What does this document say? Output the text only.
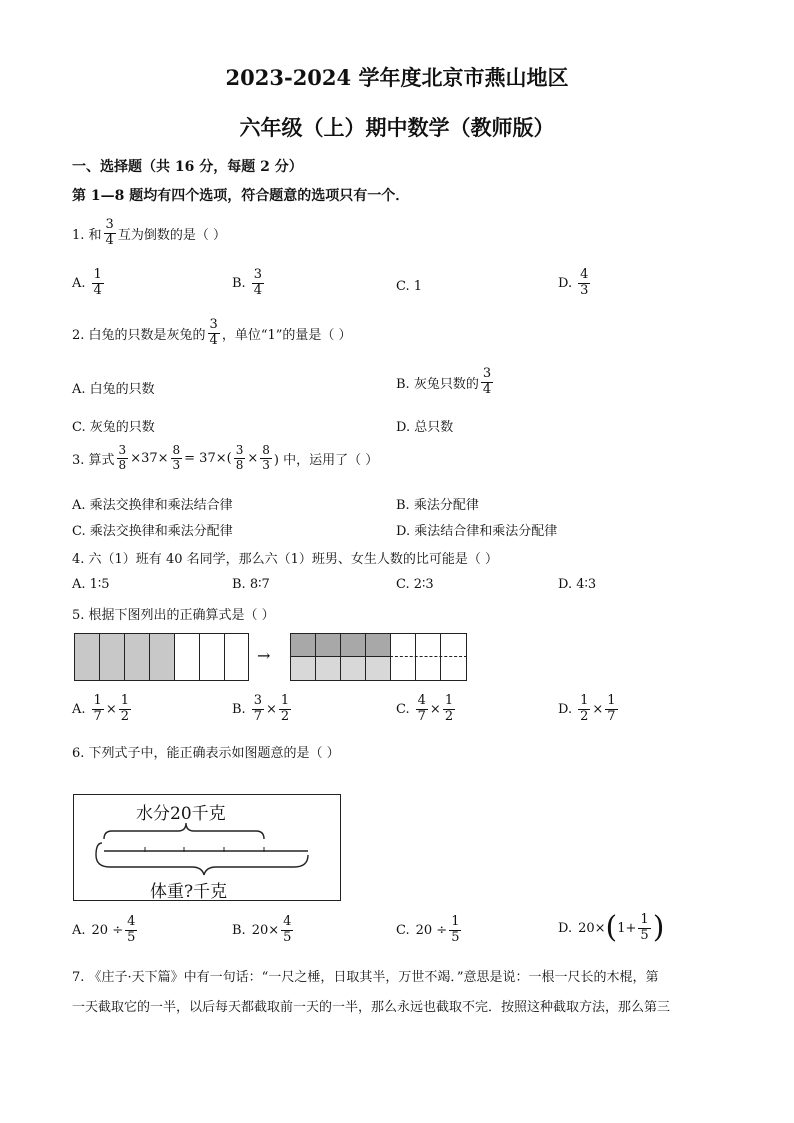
2023-2024 学年度北京市燕山地区
六年级（上）期中数学（教师版）
一、选择题（共 16 分，每题 2 分）
第 1—8 题均有四个选项，符合题意的选项只有一个．
1. 和 $\frac{3}{4}$ 互为倒数的是（ ）
A. $\frac{1}{4}$	B. $\frac{3}{4}$	C. 1	D. $\frac{4}{3}$
2. 白兔的只数是灰兔的 $\frac{3}{4}$ ，单位“1”的量是（ ）
A. 白兔的只数	B. 灰兔只数的 $\frac{3}{4}$
C. 灰兔的只数	D. 总只数
3. 算式 $\frac{3}{8} \times 37\times \frac{8}{3} = 37\times( \frac{3}{8} \times \frac{8}{3}$ ) 中，运用了（ ）
A. 乘法交换律和乘法结合律	B. 乘法分配律
C. 乘法交换律和乘法分配律	D. 乘法结合律和乘法分配律
4. 六（1）班有 40 名同学，那么六（1）班男、女生人数的比可能是（ ）
A. 1∶5	B. 8∶7	C. 2∶3	D. 4∶3
5. 根据下图列出的正确算式是（ ）
→
A. $\frac{1}{7} \times \frac{1}{2}$	B. $\frac{3}{7} \times \frac{1}{2}$	C. $\frac{4}{7} \times \frac{1}{2}$	D. $\frac{1}{2} \times \frac{1}{7}$
6. 下列式子中，能正确表示如图题意的是（ ）
水分20千克
体重?千克
A. $20 \div \frac{4}{5}$	B. $20\times \frac{4}{5}$	C. $20 \div \frac{1}{5}$	D. 20× ( $1+ \frac{1}{5}$ )
7. 《庄子·天下篇》中有一句话：“一尺之棰，日取其半，万世不竭．”意思是说：一根一尺长的木棍，第
一天截取它的一半，以后每天都截取前一天的一半，那么永远也截取不完．按照这种截取方法，那么第三
